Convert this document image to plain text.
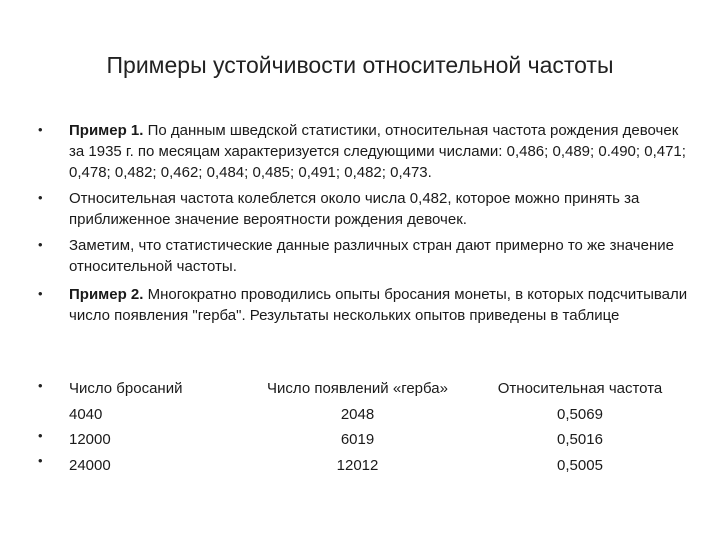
Примеры устойчивости относительной частоты
•
•
•
•
•
•
•
Пример 1. По данным шведской статистики, относительная частота рождения девочек за 1935 г. по месяцам характеризуется следующими числами: 0,486; 0,489; 0.490; 0,471; 0,478; 0,482; 0,462; 0,484; 0,485; 0,491; 0,482; 0,473.
Относительная частота колеблется около числа 0,482, которое можно принять за приближенное значение вероятности рождения девочек.
Заметим, что статистические данные различных стран дают примерно то же значение относительной частоты.
Пример 2. Многократно проводились опыты бросания монеты, в которых подсчитывали число появления "герба". Результаты нескольких опытов приведены в таблице
Число бросаний
4040
12000
24000
Число появлений «герба»
2048
6019
12012
Относительная частота
0,5069
0,5016
0,5005
